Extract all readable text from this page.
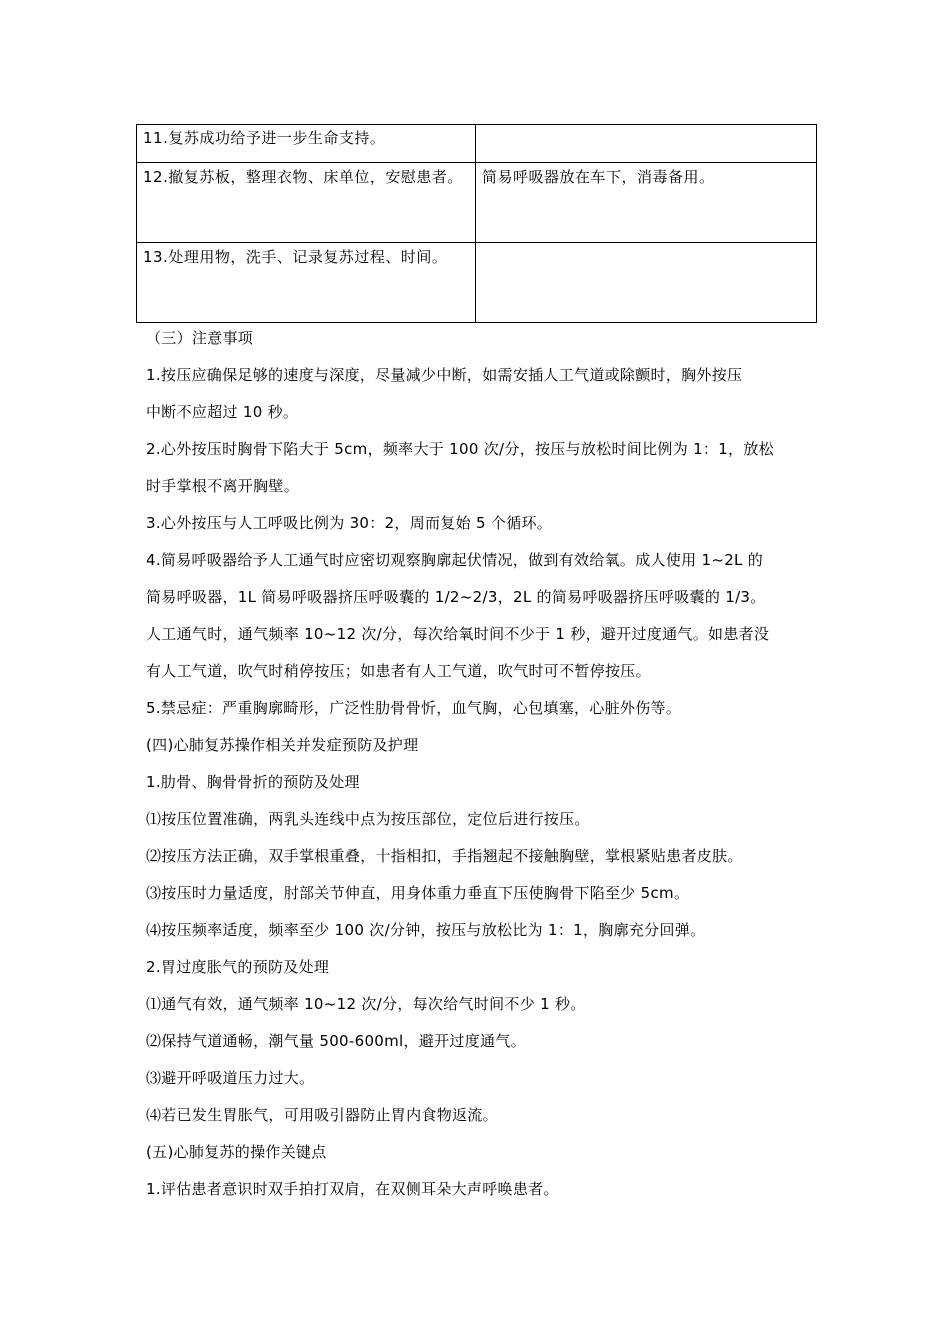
11.复苏成功给予进一步生命支持。	

12.撤复苏板，整理衣物、床单位，安慰患者。	简易呼吸器放在车下，消毒备用。

13.处理用物，洗手、记录复苏过程、时间。	

（三）注意事项

1.按压应确保足够的速度与深度，尽量减少中断，如需安插人工气道或除颤时，胸外按压

中断不应超过 10 秒。

2.心外按压时胸骨下陷大于 5cm，频率大于 100 次/分，按压与放松时间比例为 1：1，放松

时手掌根不离开胸壁。

3.心外按压与人工呼吸比例为 30：2，周而复始 5 个循环。

4.简易呼吸器给予人工通气时应密切观察胸廓起伏情况，做到有效给氧。成人使用 1~2L 的

简易呼吸器，1L 简易呼吸器挤压呼吸囊的 1/2~2/3，2L 的简易呼吸器挤压呼吸囊的 1/3。

人工通气时，通气频率 10~12 次/分，每次给氧时间不少于 1 秒，避开过度通气。如患者没

有人工气道，吹气时稍停按压；如患者有人工气道，吹气时可不暂停按压。

5.禁忌症：严重胸廓畸形，广泛性肋骨骨忻，血气胸，心包填塞，心脏外伤等。

(四)心肺复苏操作相关并发症预防及护理

1.肋骨、胸骨骨折的预防及处理

⑴按压位置准确，两乳头连线中点为按压部位，定位后进行按压。

⑵按压方法正确，双手掌根重叠，十指相扣，手指翘起不接触胸壁，掌根紧贴患者皮肤。

⑶按压时力量适度，肘部关节伸直，用身体重力垂直下压使胸骨下陷至少 5cm。

⑷按压频率适度，频率至少 100 次/分钟，按压与放松比为 1：1，胸廓充分回弹。

2.胃过度胀气的预防及处理

⑴通气有效，通气频率 10~12 次/分，每次给气时间不少 1 秒。

⑵保持气道通畅，潮气量 500-600ml，避开过度通气。

⑶避开呼吸道压力过大。

⑷若已发生胃胀气，可用吸引器防止胃内食物返流。

(五)心肺复苏的操作关键点

1.评估患者意识时双手拍打双肩，在双侧耳朵大声呼唤患者。
